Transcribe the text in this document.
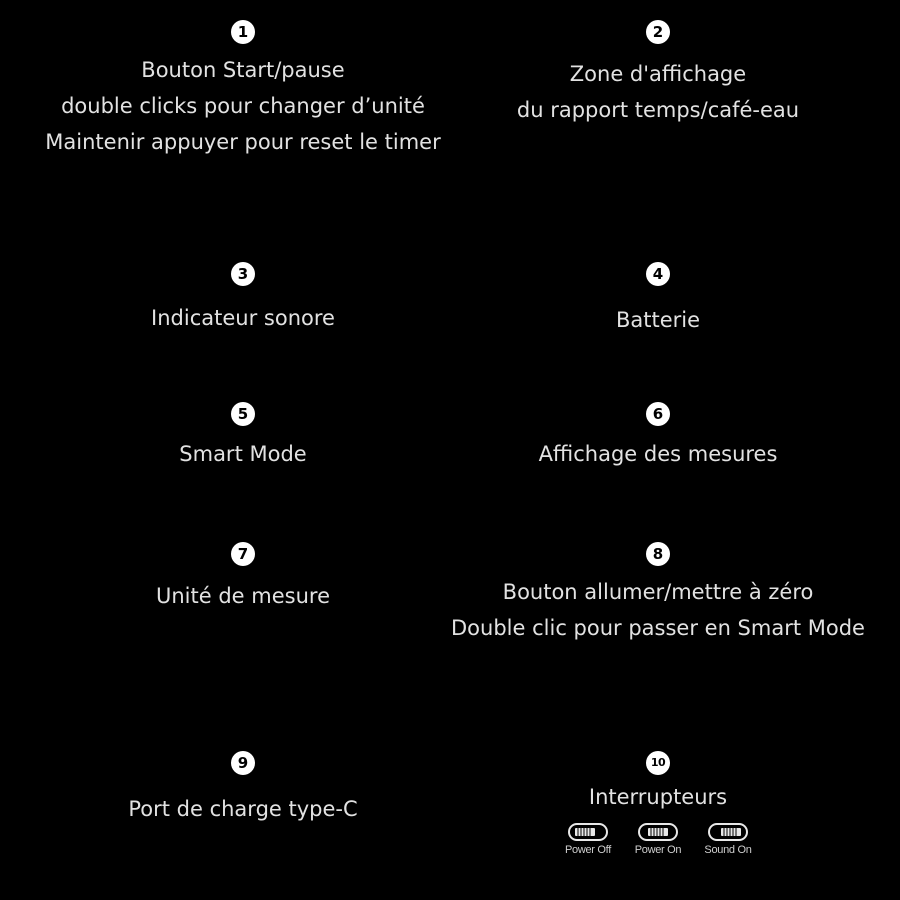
1
Bouton Start/pause
double clicks pour changer d’unité
Maintenir appuyer pour reset le timer
2
Zone d'affichage
du rapport temps/café-eau
3
Indicateur sonore
4
Batterie
5
Smart Mode
6
Affichage des mesures
7
Unité de mesure
8
Bouton allumer/mettre à zéro
Double clic pour passer en Smart Mode
9
Port de charge type-C
10
Interrupteurs
Power Off Power On Sound On
